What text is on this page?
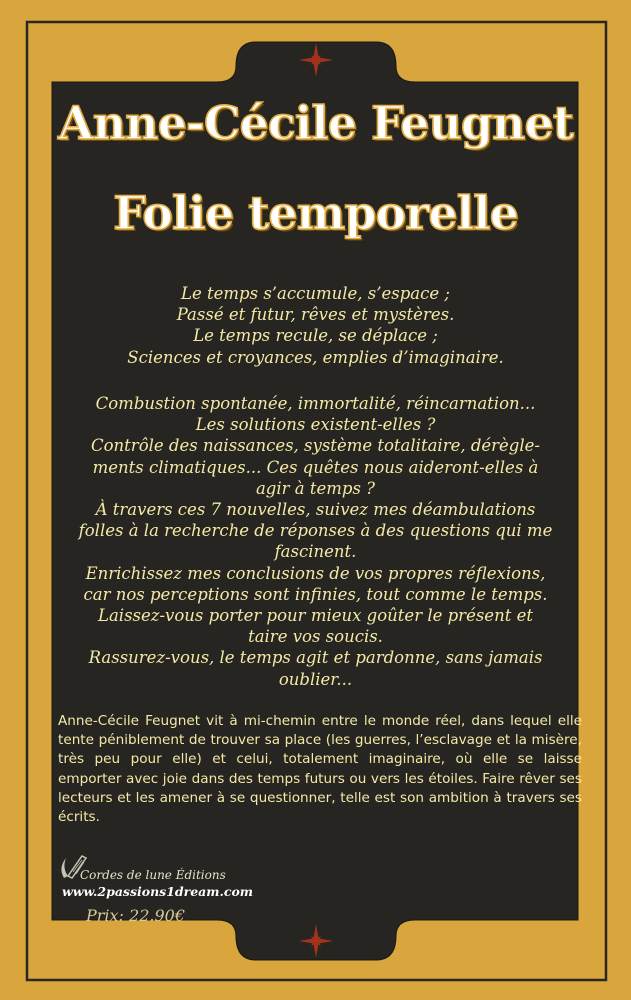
Anne-Cécile Feugnet
Folie temporelle

Le temps s’accumule, s’espace ;

Passé et futur, rêves et mystères.

Le temps recule, se déplace ;

Sciences et croyances, emplies d’imaginaire.

Combustion spontanée, immortalité, réincarnation...

Les solutions existent-elles ?

Contrôle des naissances, système totalitaire, dérègle-

ments climatiques... Ces quêtes nous aideront-elles à

agir à temps ?

À travers ces 7 nouvelles, suivez mes déambulations

folles à la recherche de réponses à des questions qui me

fascinent.

Enrichissez mes conclusions de vos propres réflexions,

car nos perceptions sont infinies, tout comme le temps.

Laissez-vous porter pour mieux goûter le présent et

taire vos soucis.

Rassurez-vous, le temps agit et pardonne, sans jamais

oublier...

Anne-Cécile Feugnet vit à mi-chemin entre le monde réel, dans lequel elle tente péniblement de trouver sa place (les guerres, l’esclavage et la misère, très peu pour elle) et celui, totalement imaginaire, où elle se laisse emporter avec joie dans des temps futurs ou vers les étoiles. Faire rêver ses lecteurs et les amener à se questionner, telle est son ambition à travers ses écrits.
Cordes de lune Éditions
www.2passions1dream.com
Prix: 22.90€
